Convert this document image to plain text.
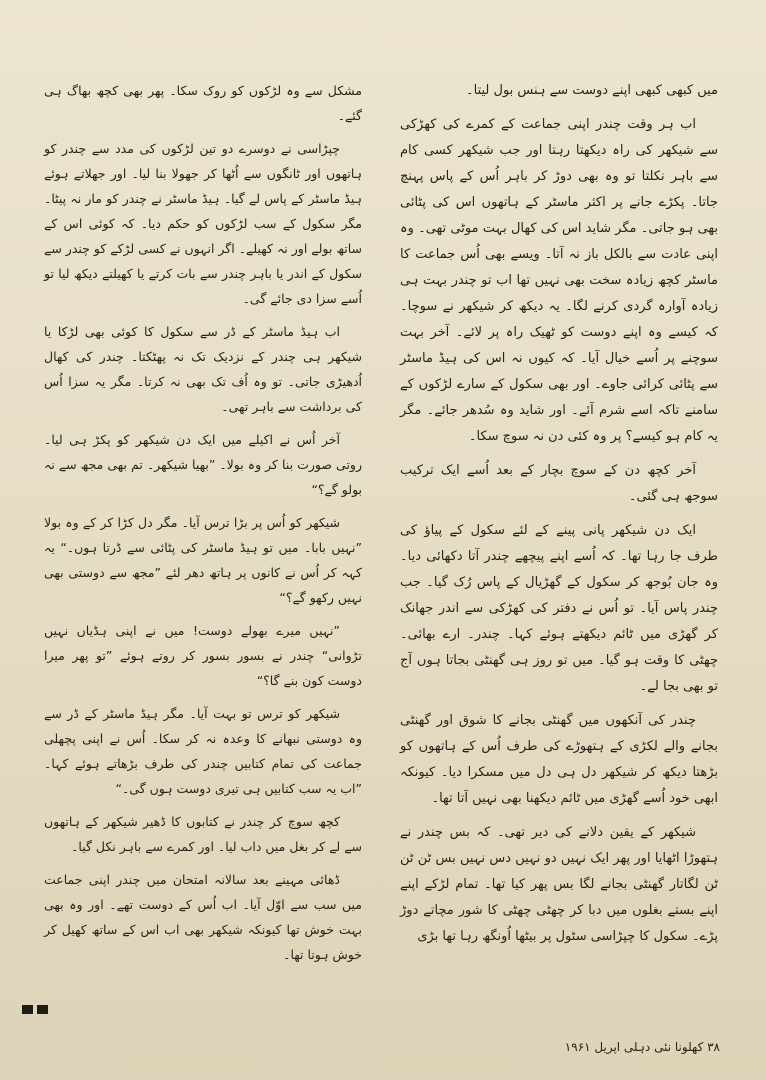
میں کبھی کبھی اپنے دوست سے ہنس بول لیتا۔

اب ہر وقت چندر اپنی جماعت کے کمرے کی کھڑکی سے شیکھر کی راہ دیکھتا رہتا اور جب شیکھر کسی کام سے باہر نکلتا تو وہ بھی دوڑ کر باہر اُس کے پاس پہنچ جاتا۔ پکڑے جانے پر اکثر ماسٹر کے ہاتھوں اس کی پٹائی بھی ہو جاتی۔ مگر شاید اس کی کھال بہت موٹی تھی۔ وہ اپنی عادت سے بالکل باز نہ آتا۔ ویسے بھی اُس جماعت کا ماسٹر کچھ زیادہ سخت بھی نہیں تھا اب تو چندر بہت ہی زیادہ آوارہ گردی کرنے لگا۔ یہ دیکھ کر شیکھر نے سوچا۔ کہ کیسے وہ اپنے دوست کو ٹھیک راہ پر لائے۔ آخر بہت سوچنے پر اُسے خیال آیا۔ کہ کیوں نہ اس کی ہیڈ ماسٹر سے پٹائی کرائی جاوے۔ اور بھی سکول کے سارے لڑکوں کے سامنے تاکہ اسے شرم آئے۔ اور شاید وہ سُدھر جائے۔ مگر یہ کام ہو کیسے؟ پر وہ کئی دن نہ سوچ سکا۔

آخر کچھ دن کے سوچ بچار کے بعد اُسے ایک ترکیب سوجھ ہی گئی۔

ایک دن شیکھر پانی پینے کے لئے سکول کے پیاؤ کی طرف جا رہا تھا۔ کہ اُسے اپنے پیچھے چندر آتا دکھائی دیا۔ وہ جان بُوجھ کر سکول کے گھڑیال کے پاس رُک گیا۔ جب چندر پاس آیا۔ تو اُس نے دفتر کی کھڑکی سے اندر جھانک کر گھڑی میں ٹائم دیکھتے ہوئے کہا۔ چندر۔ ارے بھائی۔ چھٹی کا وقت ہو گیا۔ میں تو روز ہی گھنٹی بجاتا ہوں آج تو بھی بجا لے۔

چندر کی آنکھوں میں گھنٹی بجانے کا شوق اور گھنٹی بجانے والے لکڑی کے ہتھوڑے کی طرف اُس کے ہاتھوں کو بڑھتا دیکھ کر شیکھر دل ہی دل میں مسکرا دیا۔ کیونکہ ابھی خود اُسے گھڑی میں ٹائم دیکھنا بھی نہیں آتا تھا۔

شیکھر کے یقین دلانے کی دیر تھی۔ کہ بس چندر نے ہتھوڑا اٹھایا اور پھر ایک نہیں دو نہیں دس نہیں بس ٹن ٹن ٹن لگاتار گھنٹی بجانے لگا بس پھر کیا تھا۔ تمام لڑکے اپنے اپنے بستے بغلوں میں دبا کر چھٹی چھٹی کا شور مچاتے دوڑ پڑے۔ سکول کا چپڑاسی سٹول پر بیٹھا اُونگھ رہا تھا بڑی

مشکل سے وہ لڑکوں کو روک سکا۔ پھر بھی کچھ بھاگ ہی گئے۔

چپڑاسی نے دوسرے دو تین لڑکوں کی مدد سے چندر کو ہاتھوں اور ٹانگوں سے اُٹھا کر جھولا بنا لیا۔ اور جھلاتے ہوئے ہیڈ ماسٹر کے پاس لے گیا۔ ہیڈ ماسٹر نے چندر کو مار نہ پیٹا۔ مگر سکول کے سب لڑکوں کو حکم دیا۔ کہ کوئی اس کے ساتھ بولے اور نہ کھیلے۔ اگر انہوں نے کسی لڑکے کو چندر سے سکول کے اندر یا باہر چندر سے بات کرتے یا کھیلتے دیکھ لیا تو اُسے سزا دی جائے گی۔

اب ہیڈ ماسٹر کے ڈر سے سکول کا کوئی بھی لڑکا یا شیکھر ہی چندر کے نزدیک تک نہ پھٹکتا۔ چندر کی کھال اُدھیڑی جاتی۔ تو وہ اُف تک بھی نہ کرتا۔ مگر یہ سزا اُس کی برداشت سے باہر تھی۔

آخر اُس نے اکیلے میں ایک دن شیکھر کو پکڑ ہی لیا۔ روتی صورت بنا کر وہ بولا۔ ”بھیا شیکھر۔ تم بھی مجھ سے نہ بولو گے؟“

شیکھر کو اُس پر بڑا ترس آیا۔ مگر دل کڑا کر کے وہ بولا ”نہیں بابا۔ میں تو ہیڈ ماسٹر کی پٹائی سے ڈرتا ہوں۔“ یہ کہہ کر اُس نے کانوں پر ہاتھ دھر لئے ”مجھ سے دوستی بھی نہیں رکھو گے؟“

”نہیں میرے بھولے دوست! میں نے اپنی ہڈیاں نہیں تڑوانی“ چندر نے بسور بسور کر روتے ہوئے ”تو پھر میرا دوست کون بنے گا؟“

شیکھر کو ترس تو بہت آیا۔ مگر ہیڈ ماسٹر کے ڈر سے وہ دوستی نبھانے کا وعدہ نہ کر سکا۔ اُس نے اپنی پچھلی جماعت کی تمام کتابیں چندر کی طرف بڑھاتے ہوئے کہا۔ ”اب یہ سب کتابیں ہی تیری دوست ہوں گی۔“

کچھ سوچ کر چندر نے کتابوں کا ڈھیر شیکھر کے ہاتھوں سے لے کر بغل میں داب لیا۔ اور کمرے سے باہر نکل گیا۔

ڈھائی مہینے بعد سالانہ امتحان میں چندر اپنی جماعت میں سب سے اوّل آیا۔ اب اُس کے دوست تھے۔ اور وہ بھی بہت خوش تھا کیونکہ شیکھر بھی اب اس کے ساتھ کھیل کر خوش ہوتا تھا۔

۳۸ کھلونا نئی دہلی اپریل ۱۹۶۱
